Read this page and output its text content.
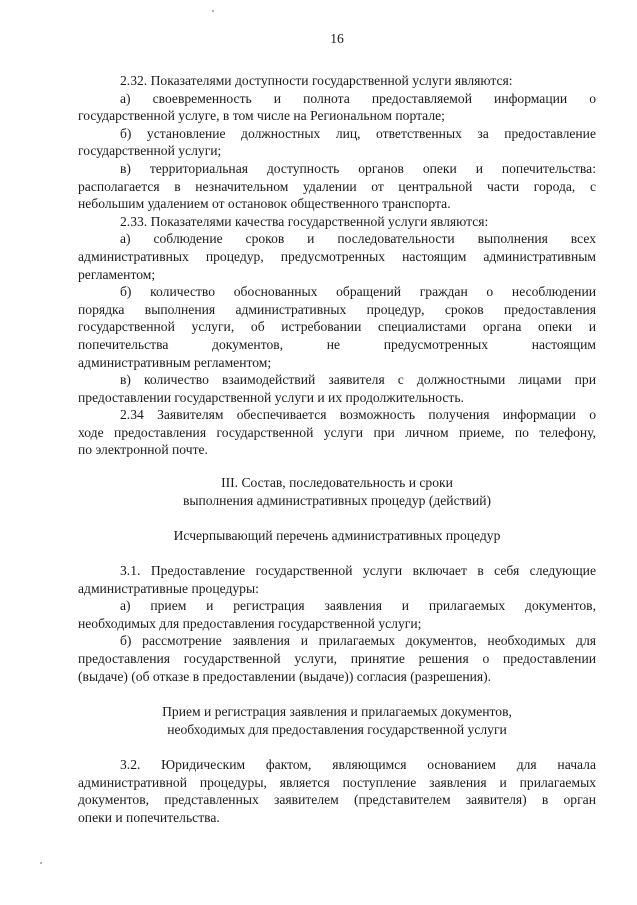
16
2.32. Показателями доступности государственной услуги являются:
а) своевременность и полнота предоставляемой информации о
государственной услуге, в том числе на Региональном портале;
б) установление должностных лиц, ответственных за предоставление
государственной услуги;
в) территориальная доступность органов опеки и попечительства:
располагается в незначительном удалении от центральной части города, с
небольшим удалением от остановок общественного транспорта.
2.33. Показателями качества государственной услуги являются:
а) соблюдение сроков и последовательности выполнения всех
административных процедур, предусмотренных настоящим административным
регламентом;
б) количество обоснованных обращений граждан о несоблюдении
порядка выполнения административных процедур, сроков предоставления
государственной услуги, об истребовании специалистами органа опеки и
попечительства документов, не предусмотренных настоящим
административным регламентом;
в) количество взаимодействий заявителя с должностными лицами при
предоставлении государственной услуги и их продолжительность.
2.34 Заявителям обеспечивается возможность получения информации о
ходе предоставления государственной услуги при личном приеме, по телефону,
по электронной почте.
III. Состав, последовательность и сроки
выполнения административных процедур (действий)
Исчерпывающий перечень административных процедур
3.1. Предоставление государственной услуги включает в себя следующие
административные процедуры:
а) прием и регистрация заявления и прилагаемых документов,
необходимых для предоставления государственной услуги;
б) рассмотрение заявления и прилагаемых документов, необходимых для
предоставления государственной услуги, принятие решения о предоставлении
(выдаче) (об отказе в предоставлении (выдаче)) согласия (разрешения).
Прием и регистрация заявления и прилагаемых документов,
необходимых для предоставления государственной услуги
3.2. Юридическим фактом, являющимся основанием для начала
административной процедуры, является поступление заявления и прилагаемых
документов, представленных заявителем (представителем заявителя) в орган
опеки и попечительства.
